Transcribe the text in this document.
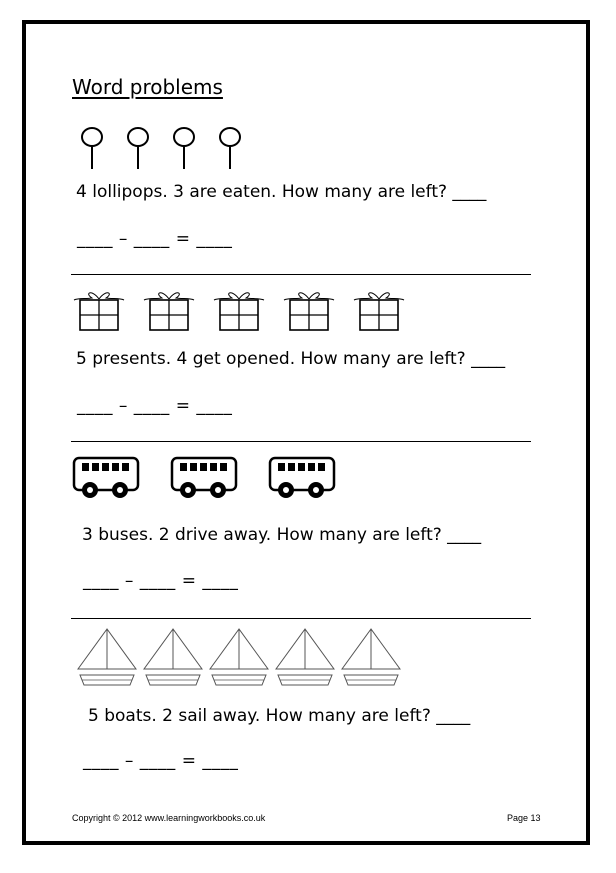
Word problems
4 lollipops. 3 are eaten. How many are left? ____
____ – ____ = ____
5 presents. 4 get opened. How many are left? ____
____ – ____ = ____
3 buses. 2 drive away. How many are left? ____
____ – ____ = ____
5 boats. 2 sail away. How many are left? ____
____ – ____ = ____
Copyright © 2012 www.learningworkbooks.co.uk	Page 13
